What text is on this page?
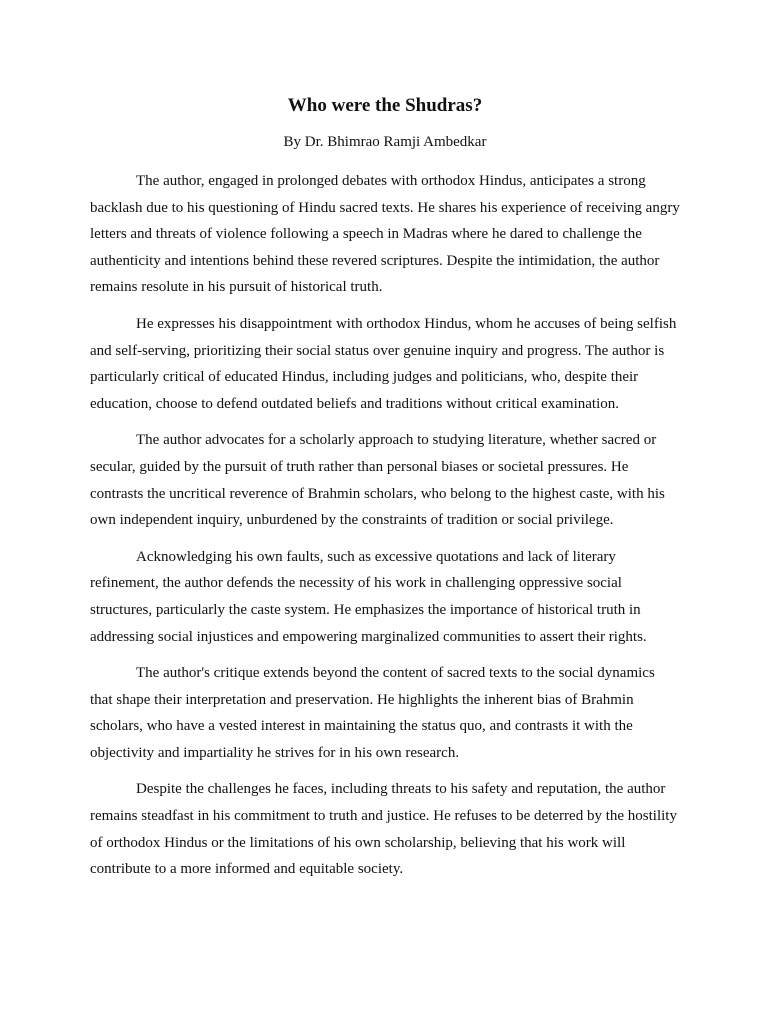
Who were the Shudras?

By Dr. Bhimrao Ramji Ambedkar

The author, engaged in prolonged debates with orthodox Hindus, anticipates a strong backlash due to his questioning of Hindu sacred texts. He shares his experience of receiving angry letters and threats of violence following a speech in Madras where he dared to challenge the authenticity and intentions behind these revered scriptures. Despite the intimidation, the author remains resolute in his pursuit of historical truth.

He expresses his disappointment with orthodox Hindus, whom he accuses of being selfish and self-serving, prioritizing their social status over genuine inquiry and progress. The author is particularly critical of educated Hindus, including judges and politicians, who, despite their education, choose to defend outdated beliefs and traditions without critical examination.

The author advocates for a scholarly approach to studying literature, whether sacred or secular, guided by the pursuit of truth rather than personal biases or societal pressures. He contrasts the uncritical reverence of Brahmin scholars, who belong to the highest caste, with his own independent inquiry, unburdened by the constraints of tradition or social privilege.

Acknowledging his own faults, such as excessive quotations and lack of literary refinement, the author defends the necessity of his work in challenging oppressive social structures, particularly the caste system. He emphasizes the importance of historical truth in addressing social injustices and empowering marginalized communities to assert their rights.

The author's critique extends beyond the content of sacred texts to the social dynamics that shape their interpretation and preservation. He highlights the inherent bias of Brahmin scholars, who have a vested interest in maintaining the status quo, and contrasts it with the objectivity and impartiality he strives for in his own research.

Despite the challenges he faces, including threats to his safety and reputation, the author remains steadfast in his commitment to truth and justice. He refuses to be deterred by the hostility of orthodox Hindus or the limitations of his own scholarship, believing that his work will contribute to a more informed and equitable society.
